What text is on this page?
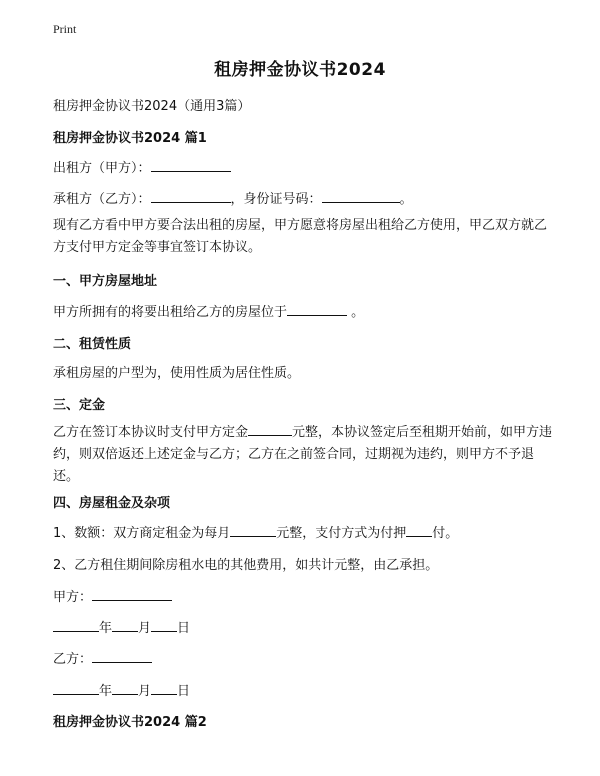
Print
租房押金协议书2024
租房押金协议书2024（通用3篇）
租房押金协议书2024 篇1
出租方（甲方）：
承租方（乙方）：	，身份证号码：	。
现有乙方看中甲方要合法出租的房屋，甲方愿意将房屋出租给乙方使用，甲乙双方就乙方支付甲方定金等事宜签订本协议。
一、甲方房屋地址
甲方所拥有的将要出租给乙方的房屋位于	。
二、租赁性质
承租房屋的户型为，使用性质为居住性质。
三、定金
乙方在签订本协议时支付甲方定金	元整，本协议签定后至租期开始前，如甲方违约，则双倍返还上述定金与乙方；乙方在之前签合同，过期视为违约，则甲方不予退还。
四、房屋租金及杂项
1、数额：双方商定租金为每月	元整，支付方式为付押 付。
2、乙方租住期间除房租水电的其他费用，如共计元整，由乙承担。
甲方：
年 月 日
乙方：
年 月 日
租房押金协议书2024 篇2
